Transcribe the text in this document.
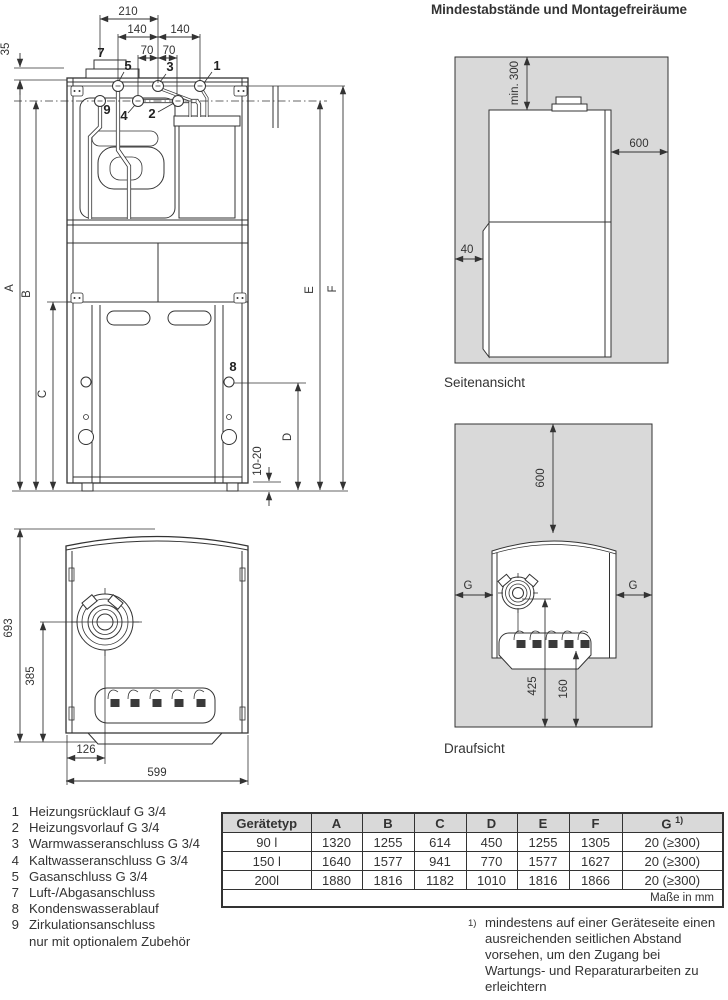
210
140 140
70 70
35
A
B
C
D
E F
10-20
7
5	3	1
9 4 2
8
min. 300
600
40
600
G	G
425 160
693
385
126
599
Mindestabstände und Montagefreiräume
Seitenansicht
Draufsicht
1 Heizungsrücklauf G 3/4
2 Heizungsvorlauf G 3/4
3 Warmwasseranschluss G 3/4
4 Kaltwasseranschluss G 3/4
5 Gasanschluss G 3/4
7 Luft-/Abgasanschluss
8 Kondenswasserablauf
9 Zirkulationsanschluss
nur mit optionalem Zubehör
Gerätetyp	A	B	C	D	E	F	G $^{1)}$
90 l	1320	1255	614	450	1255	1305	20 (≥300)
150 l	1640	1577	941	770	1577	1627	20 (≥300)
200l	1880	1816	1182	1010	1816	1866	20 (≥300)
Maße in mm							
1) mindestens auf einer Geräteseite einen ausreichenden seitlichen Abstand vorsehen, um den Zugang bei Wartungs- und Reparaturarbeiten zu erleichtern
